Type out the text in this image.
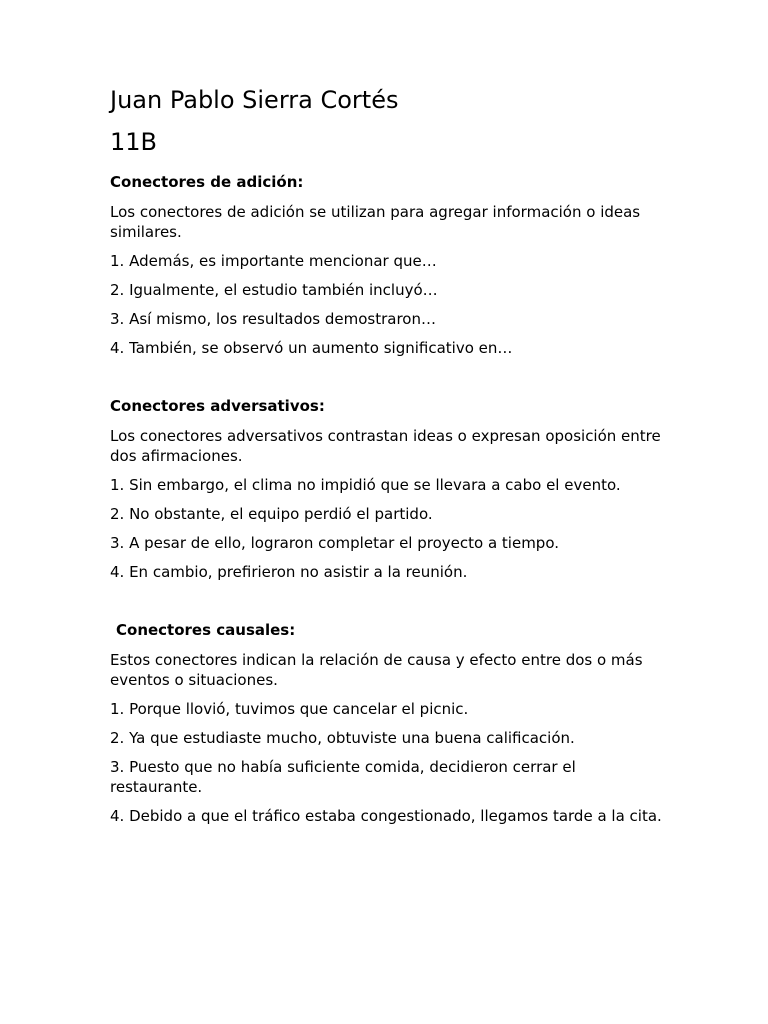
Juan Pablo Sierra Cortés
11B

Conectores de adición:

Los conectores de adición se utilizan para agregar información o ideas similares.

1. Además, es importante mencionar que…

2. Igualmente, el estudio también incluyó…

3. Así mismo, los resultados demostraron…

4. También, se observó un aumento significativo en…

Conectores adversativos:

Los conectores adversativos contrastan ideas o expresan oposición entre dos afirmaciones.

1. Sin embargo, el clima no impidió que se llevara a cabo el evento.

2. No obstante, el equipo perdió el partido.

3. A pesar de ello, lograron completar el proyecto a tiempo.

4. En cambio, prefirieron no asistir a la reunión.

Conectores causales:

Estos conectores indican la relación de causa y efecto entre dos o más eventos o situaciones.

1. Porque llovió, tuvimos que cancelar el picnic.

2. Ya que estudiaste mucho, obtuviste una buena calificación.

3. Puesto que no había suficiente comida, decidieron cerrar el restaurante.

4. Debido a que el tráfico estaba congestionado, llegamos tarde a la cita.
